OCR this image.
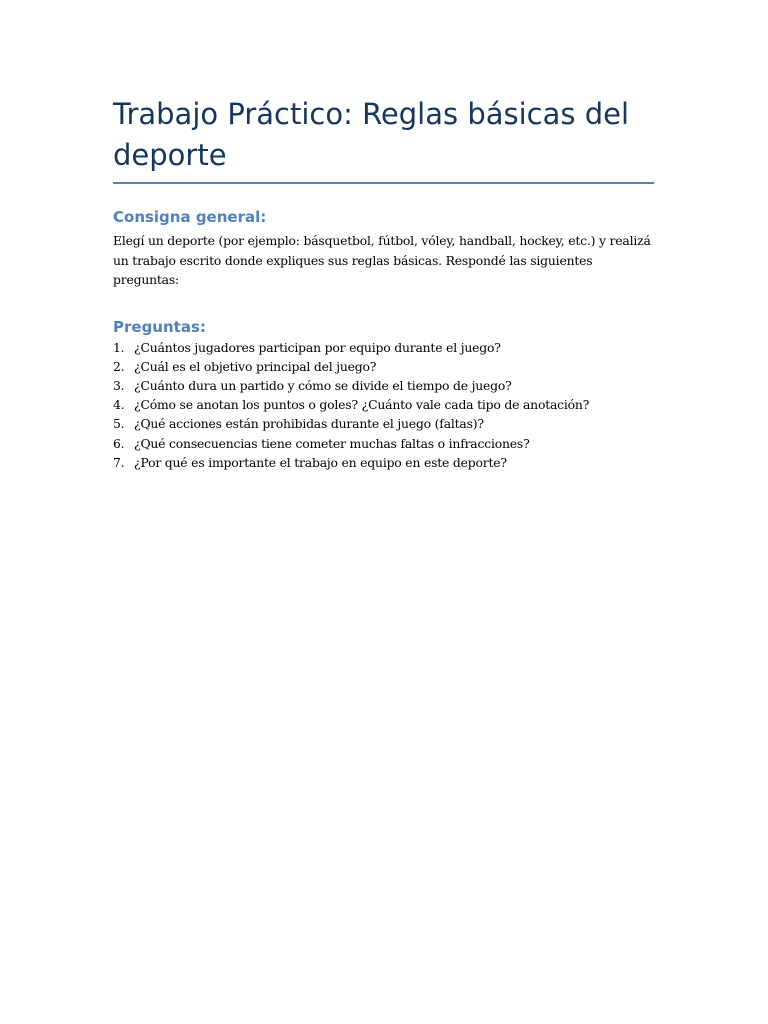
Trabajo Práctico: Reglas básicas del deporte
Consigna general:

Elegí un deporte (por ejemplo: básquetbol, fútbol, vóley, handball, hockey, etc.) y realizá un trabajo escrito donde expliques sus reglas básicas. Respondé las siguientes preguntas:

Preguntas:
1. ¿Cuántos jugadores participan por equipo durante el juego?
2. ¿Cuál es el objetivo principal del juego?
3. ¿Cuánto dura un partido y cómo se divide el tiempo de juego?
4. ¿Cómo se anotan los puntos o goles? ¿Cuánto vale cada tipo de anotación?
5. ¿Qué acciones están prohibidas durante el juego (faltas)?
6. ¿Qué consecuencias tiene cometer muchas faltas o infracciones?
7. ¿Por qué es importante el trabajo en equipo en este deporte?
